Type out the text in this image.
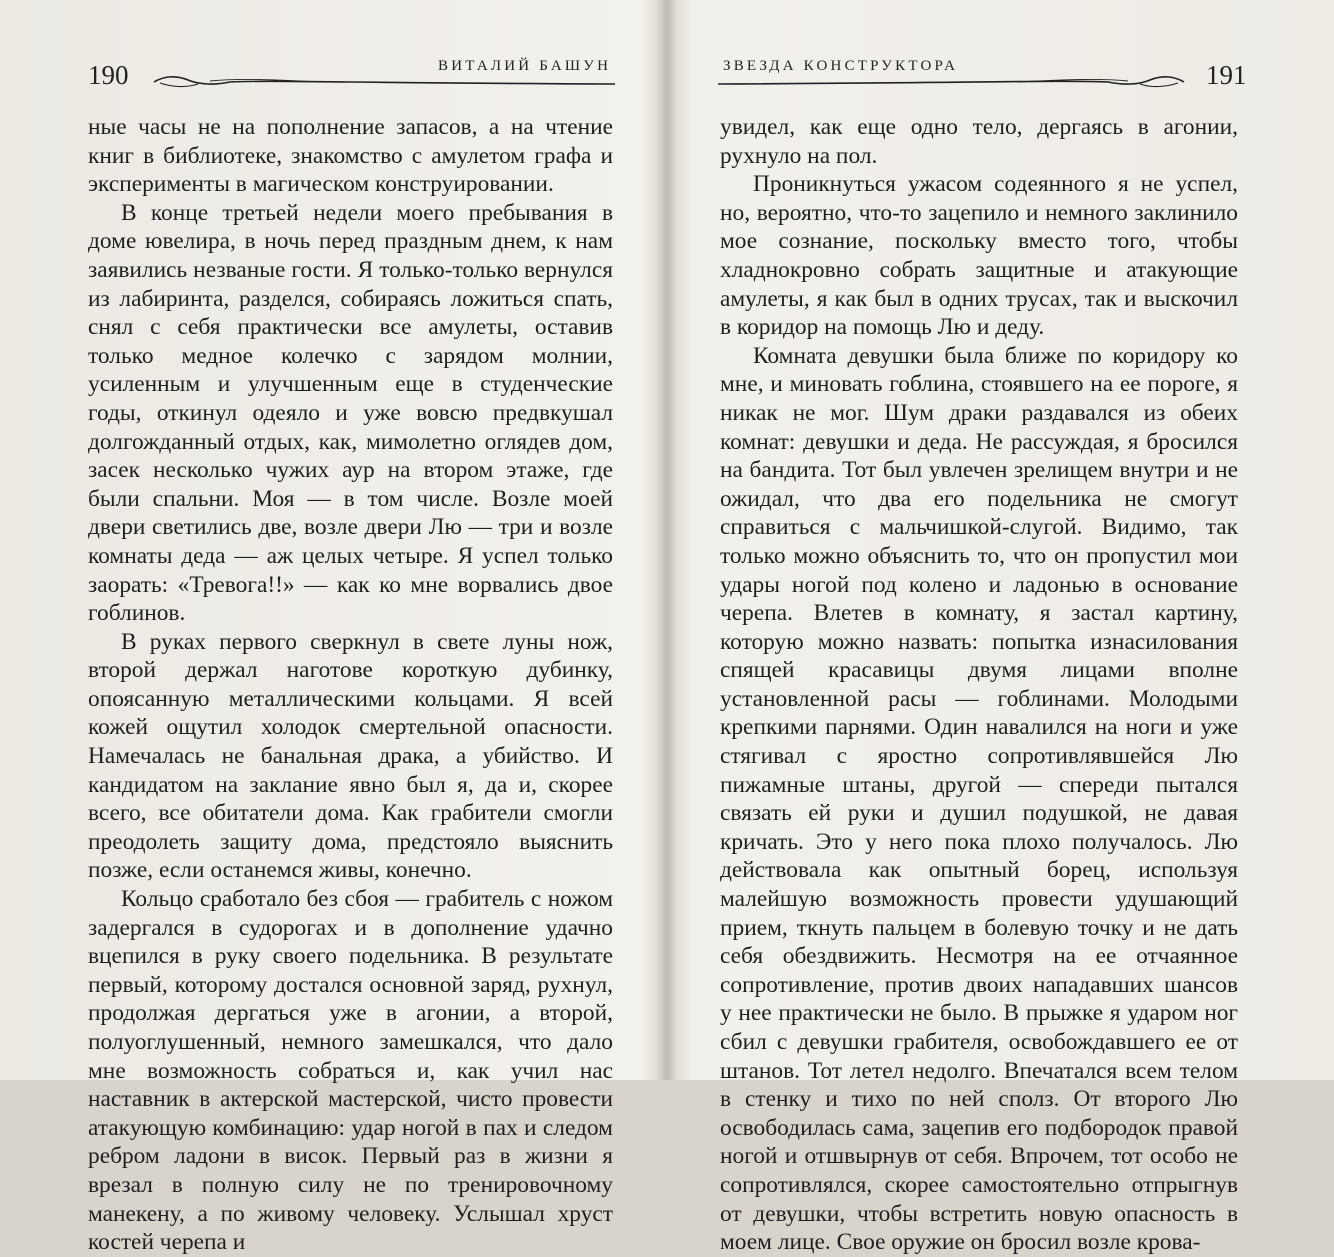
190	ВИТАЛИЙ БАШУН

ные часы не на пополнение запасов, а на чтение книг в библиотеке, знакомство с амулетом графа и эксперименты в магическом конструировании.

В конце третьей недели моего пребывания в доме ювелира, в ночь перед праздным днем, к нам заявились незваные гости. Я только-только вернулся из лабиринта, разделся, собираясь ложиться спать, снял с себя практически все амулеты, оставив только медное колечко с зарядом молнии, усиленным и улучшенным еще в студенческие годы, откинул одеяло и уже вовсю предвкушал долгожданный отдых, как, мимолетно оглядев дом, засек несколько чужих аур на втором этаже, где были спальни. Моя — в том числе. Возле моей двери светились две, возле двери Лю — три и возле комнаты деда — аж целых четыре. Я успел только заорать: «Тревога!!» — как ко мне ворвались двое гоблинов.

В руках первого сверкнул в свете луны нож, второй держал наготове короткую дубинку, опоясанную металлическими кольцами. Я всей кожей ощутил холодок смертельной опасности. Намечалась не банальная драка, а убийство. И кандидатом на заклание явно был я, да и, скорее всего, все обитатели дома. Как грабители смогли преодолеть защиту дома, предстояло выяснить позже, если останемся живы, конечно.

Кольцо сработало без сбоя — грабитель с ножом задергался в судорогах и в дополнение удачно вцепился в руку своего подельника. В результате первый, которому достался основной заряд, рухнул, продолжая дергаться уже в агонии, а второй, полуоглушенный, немного замешкался, что дало мне возможность собраться и, как учил нас наставник в актерской мастерской, чисто провести атакующую комбинацию: удар ногой в пах и следом ребром ладони в висок. Первый раз в жизни я врезал в полную силу не по тренировочному манекену, а по живому человеку. Услышал хруст костей черепа и

ЗВЕЗДА КОНСТРУКТОРА	191

увидел, как еще одно тело, дергаясь в агонии, рухнуло на пол.

Проникнуться ужасом содеянного я не успел, но, вероятно, что-то зацепило и немного заклинило мое сознание, поскольку вместо того, чтобы хладнокровно собрать защитные и атакующие амулеты, я как был в одних трусах, так и выскочил в коридор на помощь Лю и деду.

Комната девушки была ближе по коридору ко мне, и миновать гоблина, стоявшего на ее пороге, я никак не мог. Шум драки раздавался из обеих комнат: девушки и деда. Не рассуждая, я бросился на бандита. Тот был увлечен зрелищем внутри и не ожидал, что два его подельника не смогут справиться с мальчишкой-слугой. Видимо, так только можно объяснить то, что он пропустил мои удары ногой под колено и ладонью в основание черепа. Влетев в комнату, я застал картину, которую можно назвать: попытка изнасилования спящей красавицы двумя лицами вполне установленной расы — гоблинами. Молодыми крепкими парнями. Один навалился на ноги и уже стягивал с яростно сопротивлявшейся Лю пижамные штаны, другой — спереди пытался связать ей руки и душил подушкой, не давая кричать. Это у него пока плохо получалось. Лю действовала как опытный борец, используя малейшую возможность провести удушающий прием, ткнуть пальцем в болевую точку и не дать себя обездвижить. Несмотря на ее отчаянное сопротивление, против двоих нападавших шансов у нее практически не было. В прыжке я ударом ног сбил с девушки грабителя, освобождавшего ее от штанов. Тот летел недолго. Впечатался всем телом в стенку и тихо по ней сполз. От второго Лю освободилась сама, зацепив его подбородок правой ногой и отшвырнув от себя. Впрочем, тот особо не сопротивлялся, скорее самостоятельно отпрыгнув от девушки, чтобы встретить новую опасность в моем лице. Свое оружие он бросил возле крова-
